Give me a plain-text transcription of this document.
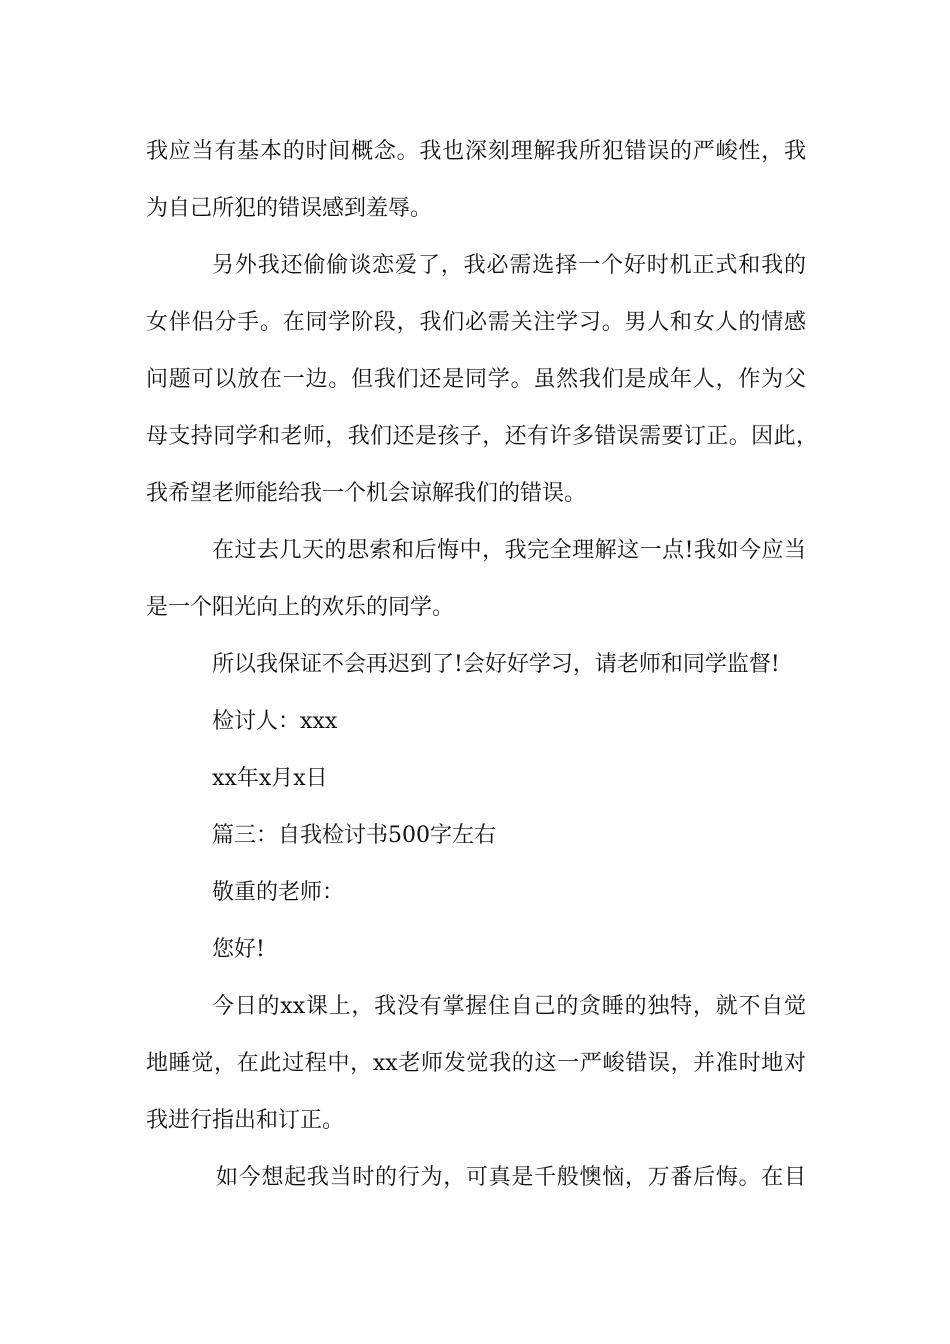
我应当有基本的时间概念。我也深刻理解我所犯错误的严峻性，我

为自己所犯的错误感到羞辱。

另外我还偷偷谈恋爱了，我必需选择一个好时机正式和我的

女伴侣分手。在同学阶段，我们必需关注学习。男人和女人的情感

问题可以放在一边。但我们还是同学。虽然我们是成年人，作为父

母支持同学和老师，我们还是孩子，还有许多错误需要订正。因此，

我希望老师能给我一个机会谅解我们的错误。

在过去几天的思索和后悔中，我完全理解这一点!我如今应当

是一个阳光向上的欢乐的同学。

所以我保证不会再迟到了!会好好学习，请老师和同学监督!

检讨人：xxx

xx年x月x日

篇三：自我检讨书500字左右

敬重的老师：

您好!

今日的xx课上，我没有掌握住自己的贪睡的独特，就不自觉

地睡觉，在此过程中，xx老师发觉我的这一严峻错误，并准时地对

我进行指出和订正。

如今想起我当时的行为，可真是千般懊恼，万番后悔。在目
